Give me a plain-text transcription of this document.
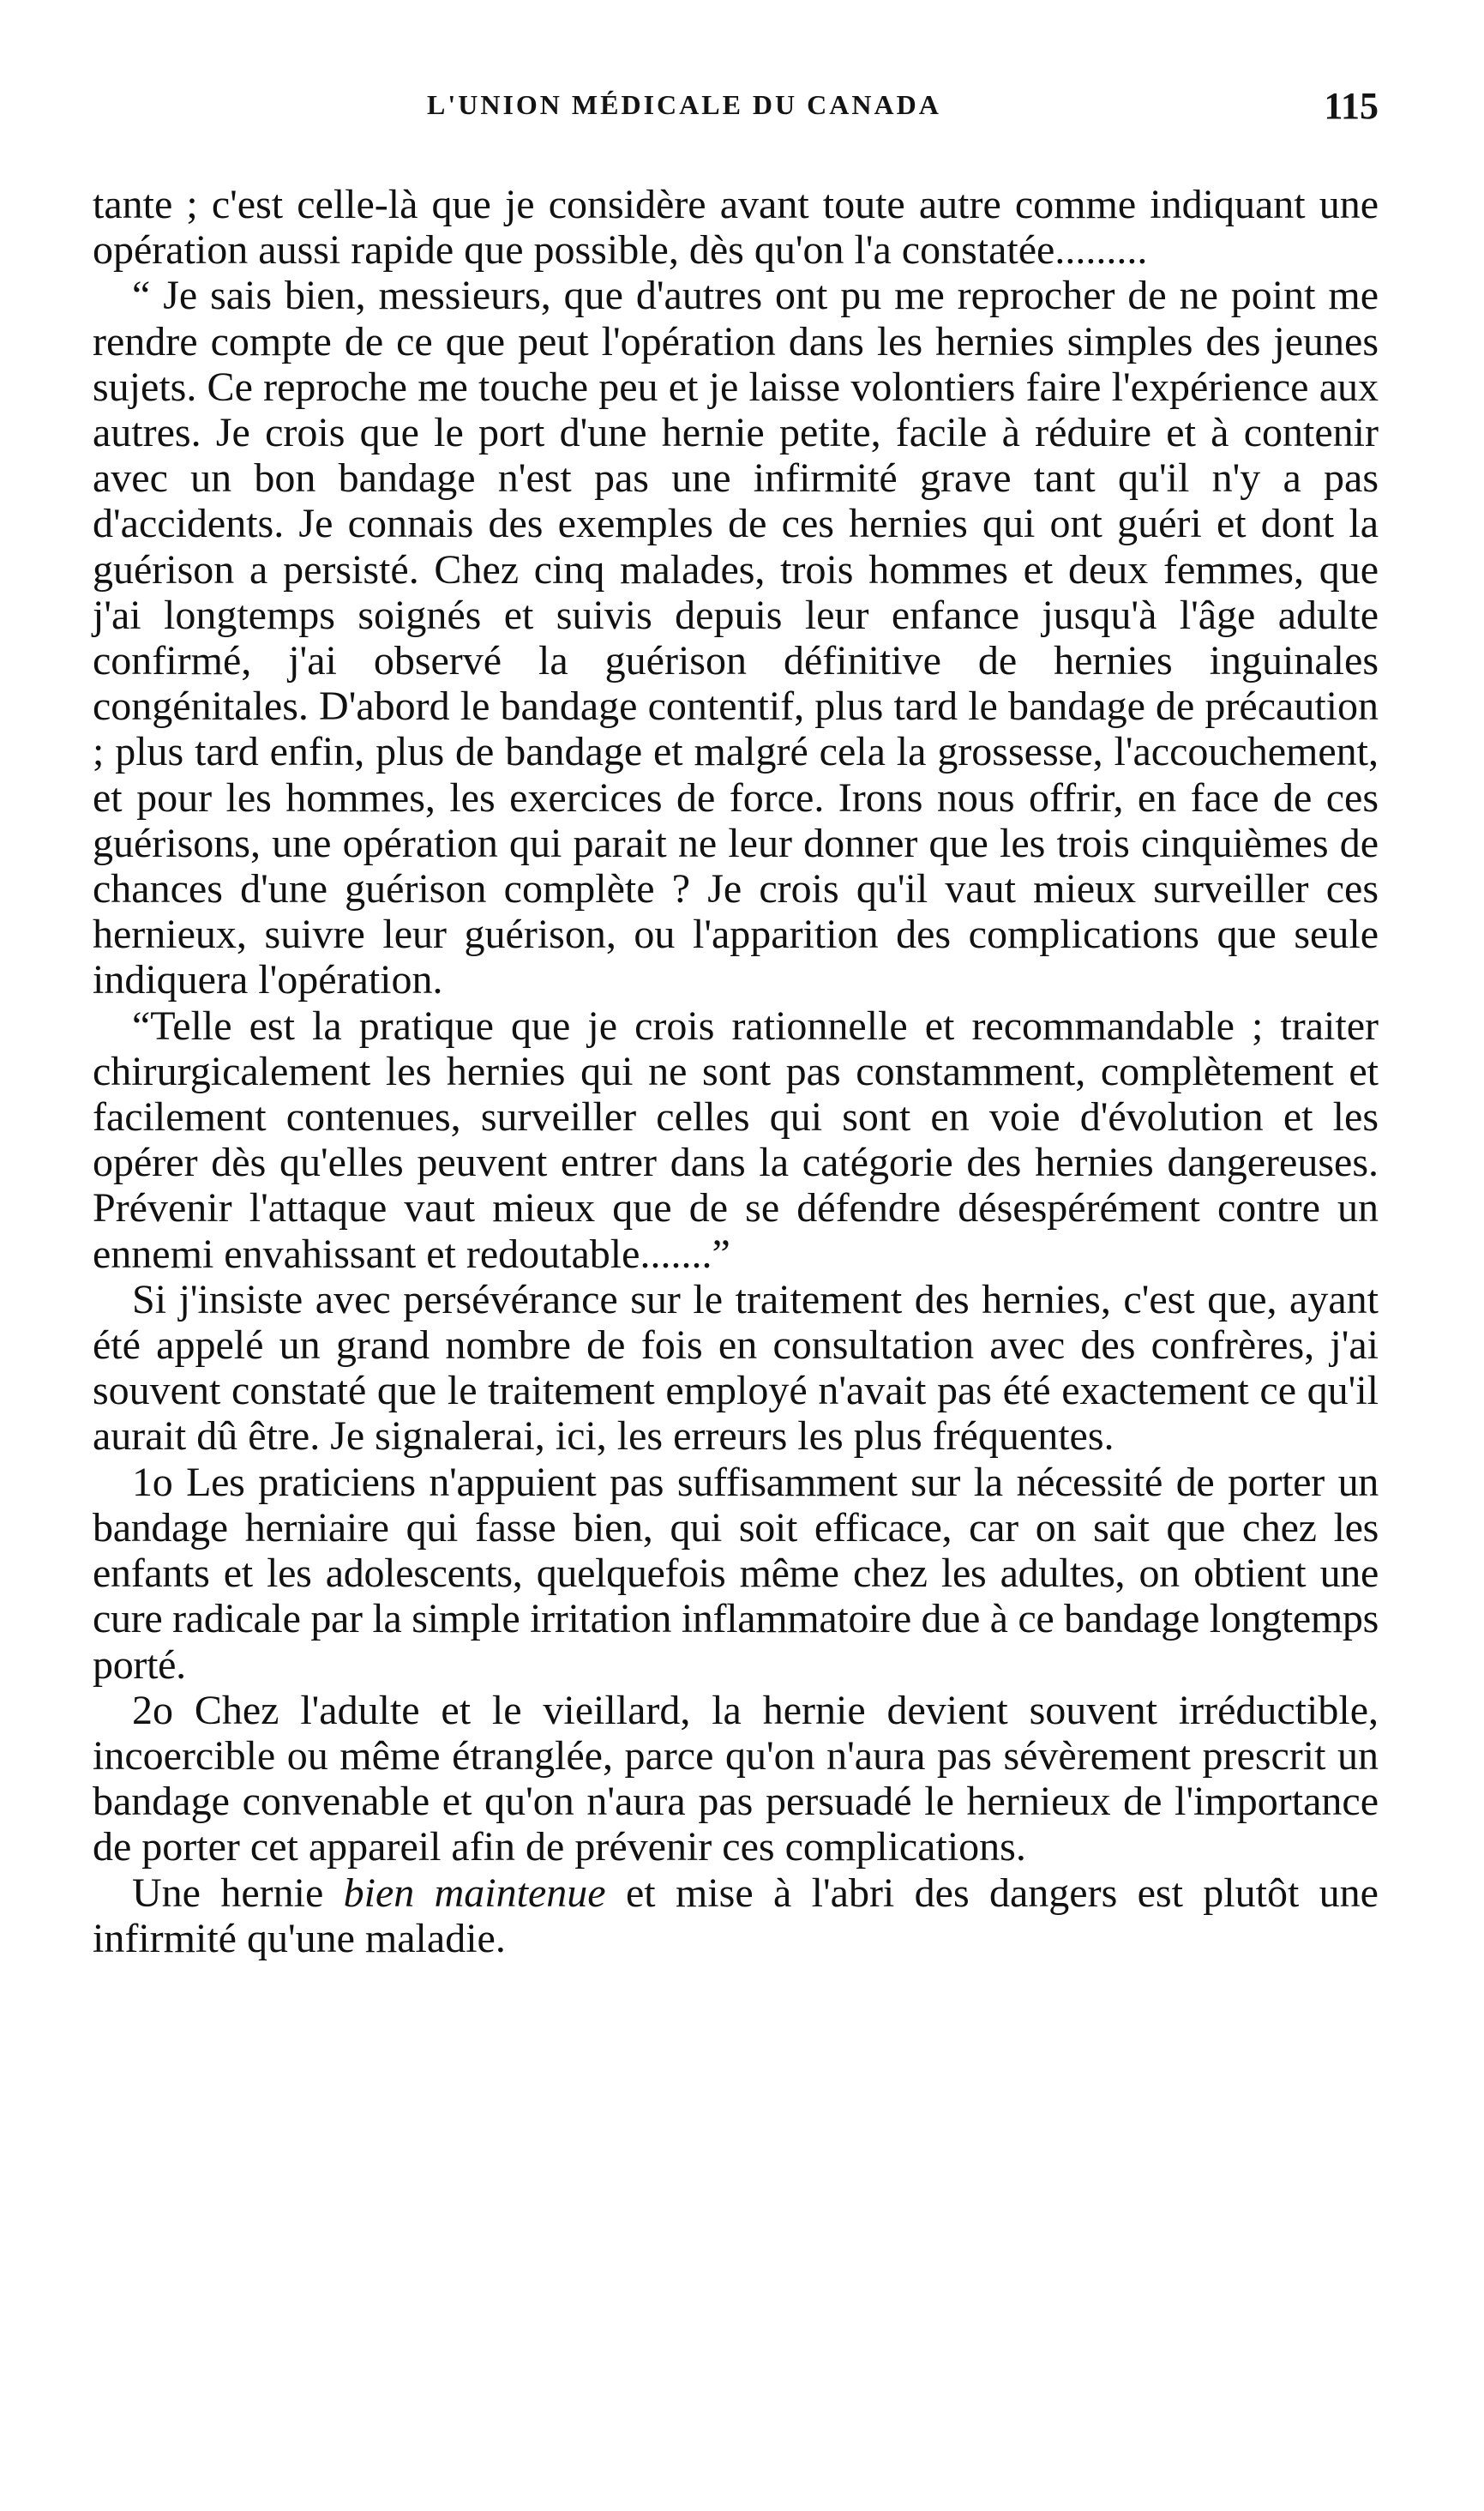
L'UNION MÉDICALE DU CANADA	115

tante ; c'est celle-là que je considère avant toute autre comme indiquant une opération aussi rapide que possible, dès qu'on l'a constatée.........

“ Je sais bien, messieurs, que d'autres ont pu me reprocher de ne point me rendre compte de ce que peut l'opération dans les hernies simples des jeunes sujets. Ce reproche me touche peu et je laisse volontiers faire l'expérience aux autres. Je crois que le port d'une hernie petite, facile à réduire et à contenir avec un bon bandage n'est pas une infirmité grave tant qu'il n'y a pas d'accidents. Je connais des exemples de ces hernies qui ont guéri et dont la guérison a persisté. Chez cinq malades, trois hommes et deux femmes, que j'ai longtemps soignés et suivis depuis leur enfance jusqu'à l'âge adulte confirmé, j'ai observé la guérison définitive de hernies inguinales congénitales. D'abord le bandage contentif, plus tard le bandage de précaution ; plus tard enfin, plus de bandage et malgré cela la grossesse, l'accouchement, et pour les hommes, les exercices de force. Irons nous offrir, en face de ces guérisons, une opération qui parait ne leur donner que les trois cinquièmes de chances d'une guérison complète ? Je crois qu'il vaut mieux surveiller ces hernieux, suivre leur guérison, ou l'apparition des complications que seule indiquera l'opération.

“Telle est la pratique que je crois rationnelle et recommandable ; traiter chirurgicalement les hernies qui ne sont pas constamment, complètement et facilement contenues, surveiller celles qui sont en voie d'évolution et les opérer dès qu'elles peuvent entrer dans la catégorie des hernies dangereuses. Prévenir l'attaque vaut mieux que de se défendre désespérément contre un ennemi envahissant et redoutable.......”

Si j'insiste avec persévérance sur le traitement des hernies, c'est que, ayant été appelé un grand nombre de fois en consultation avec des confrères, j'ai souvent constaté que le traitement employé n'avait pas été exactement ce qu'il aurait dû être. Je signalerai, ici, les erreurs les plus fréquentes.

1o Les praticiens n'appuient pas suffisamment sur la nécessité de porter un bandage herniaire qui fasse bien, qui soit efficace, car on sait que chez les enfants et les adolescents, quelquefois même chez les adultes, on obtient une cure radicale par la simple irritation inflammatoire due à ce bandage longtemps porté.

2o Chez l'adulte et le vieillard, la hernie devient souvent irréductible, incoercible ou même étranglée, parce qu'on n'aura pas sévèrement prescrit un bandage convenable et qu'on n'aura pas persuadé le hernieux de l'importance de porter cet appareil afin de prévenir ces complications.

Une hernie bien maintenue et mise à l'abri des dangers est plutôt une infirmité qu'une maladie.
